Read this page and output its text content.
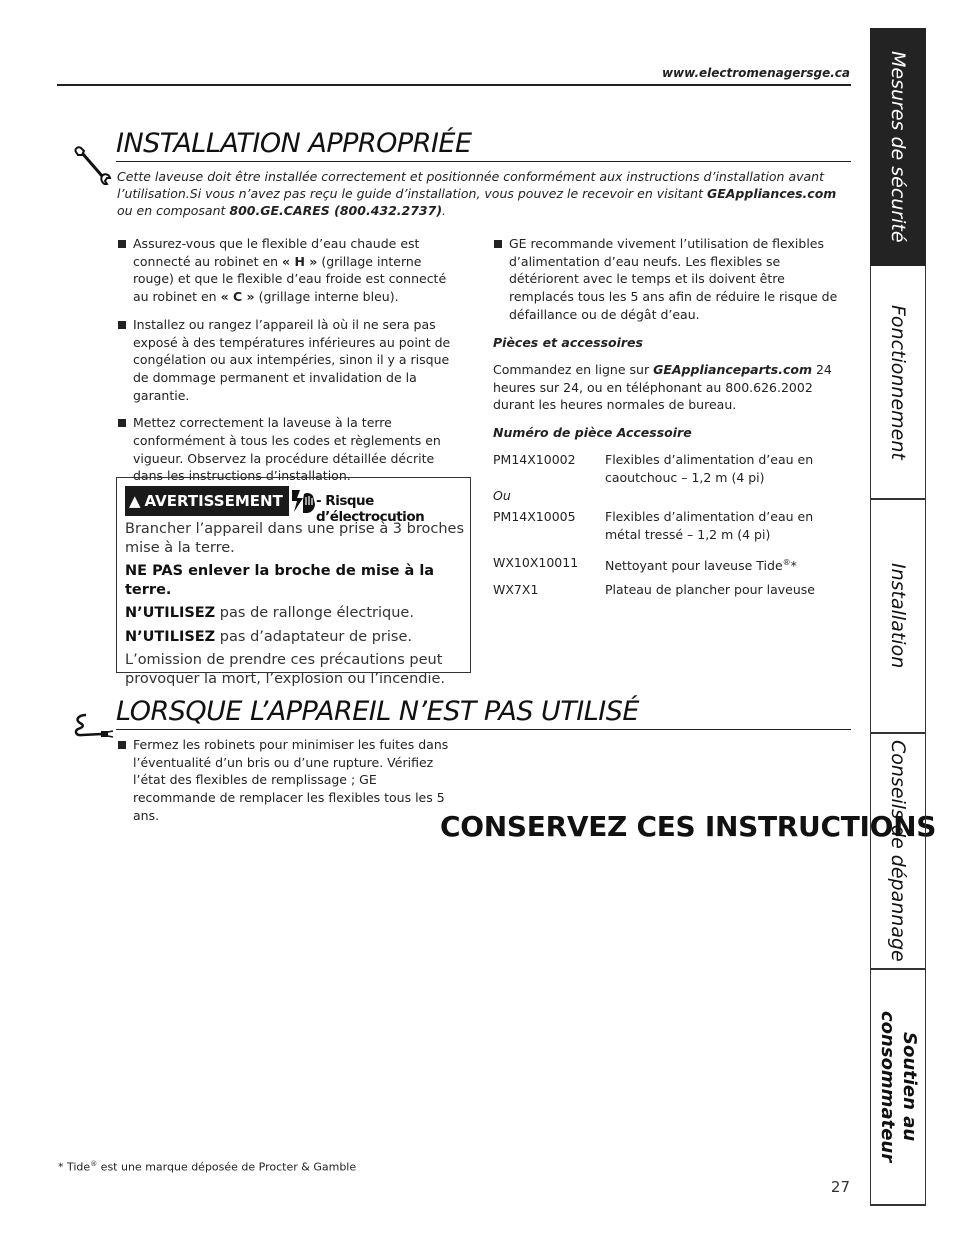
www.electromenagersge.ca
INSTALLATION APPROPRIÉE
Cette laveuse doit être installée correctement et positionnée conformément aux instructions d’installation avant l’utilisation.Si vous n’avez pas reçu le guide d’installation, vous pouvez le recevoir en visitant GEAppliances.com ou en composant 800.GE.CARES (800.432.2737).
Assurez-vous que le flexible d’eau chaude est connecté au robinet en « H » (grillage interne rouge) et que le flexible d’eau froide est connecté au robinet en « C » (grillage interne bleu).
Installez ou rangez l’appareil là où il ne sera pas exposé à des températures inférieures au point de congélation ou aux intempéries, sinon il y a risque de dommage permanent et invalidation de la garantie.
Mettez correctement la laveuse à la terre conformément à tous les codes et règlements en vigueur. Observez la procédure détaillée décrite dans les instructions d’installation.
▲ AVERTISSEMENT - Risque d’électrocution

Brancher l’appareil dans une prise à 3 broches mise à la terre.

NE PAS enlever la broche de mise à la terre.

N’UTILISEZ pas de rallonge électrique.

N’UTILISEZ pas d’adaptateur de prise.

L’omission de prendre ces précautions peut provoquer la mort, l’explosion ou l’incendie.

GE recommande vivement l’utilisation de flexibles d’alimentation d’eau neufs. Les flexibles se détériorent avec le temps et ils doivent être remplacés tous les 5 ans afin de réduire le risque de défaillance ou de dégât d’eau.
Pièces et accessoires
Commandez en ligne sur GEApplianceparts.com 24 heures sur 24, ou en téléphonant au 800.626.2002 durant les heures normales de bureau.
Numéro de pièce Accessoire
PM14X10002 Flexibles d’alimentation d’eau en caoutchouc – 1,2 m (4 pi)
Ou
PM14X10005 Flexibles d’alimentation d’eau en métal tressé – 1,2 m (4 pi)
WX10X10011 Nettoyant pour laveuse Tide®*
WX7X1	Plateau de plancher pour laveuse
LORSQUE L’APPAREIL N’EST PAS UTILISÉ
Fermez les robinets pour minimiser les fuites dans l’éventualité d’un bris ou d’une rupture. Vérifiez l’état des flexibles de remplissage ; GE recommande de remplacer les flexibles tous les 5 ans.	CONSERVEZ CES INSTRUCTIONS
* Tide® est une marque déposée de Procter & Gamble
27
Mesures de sécurité
Fonctionnement
Installation
Conseils de dépannage
Soutien au
consommateur
